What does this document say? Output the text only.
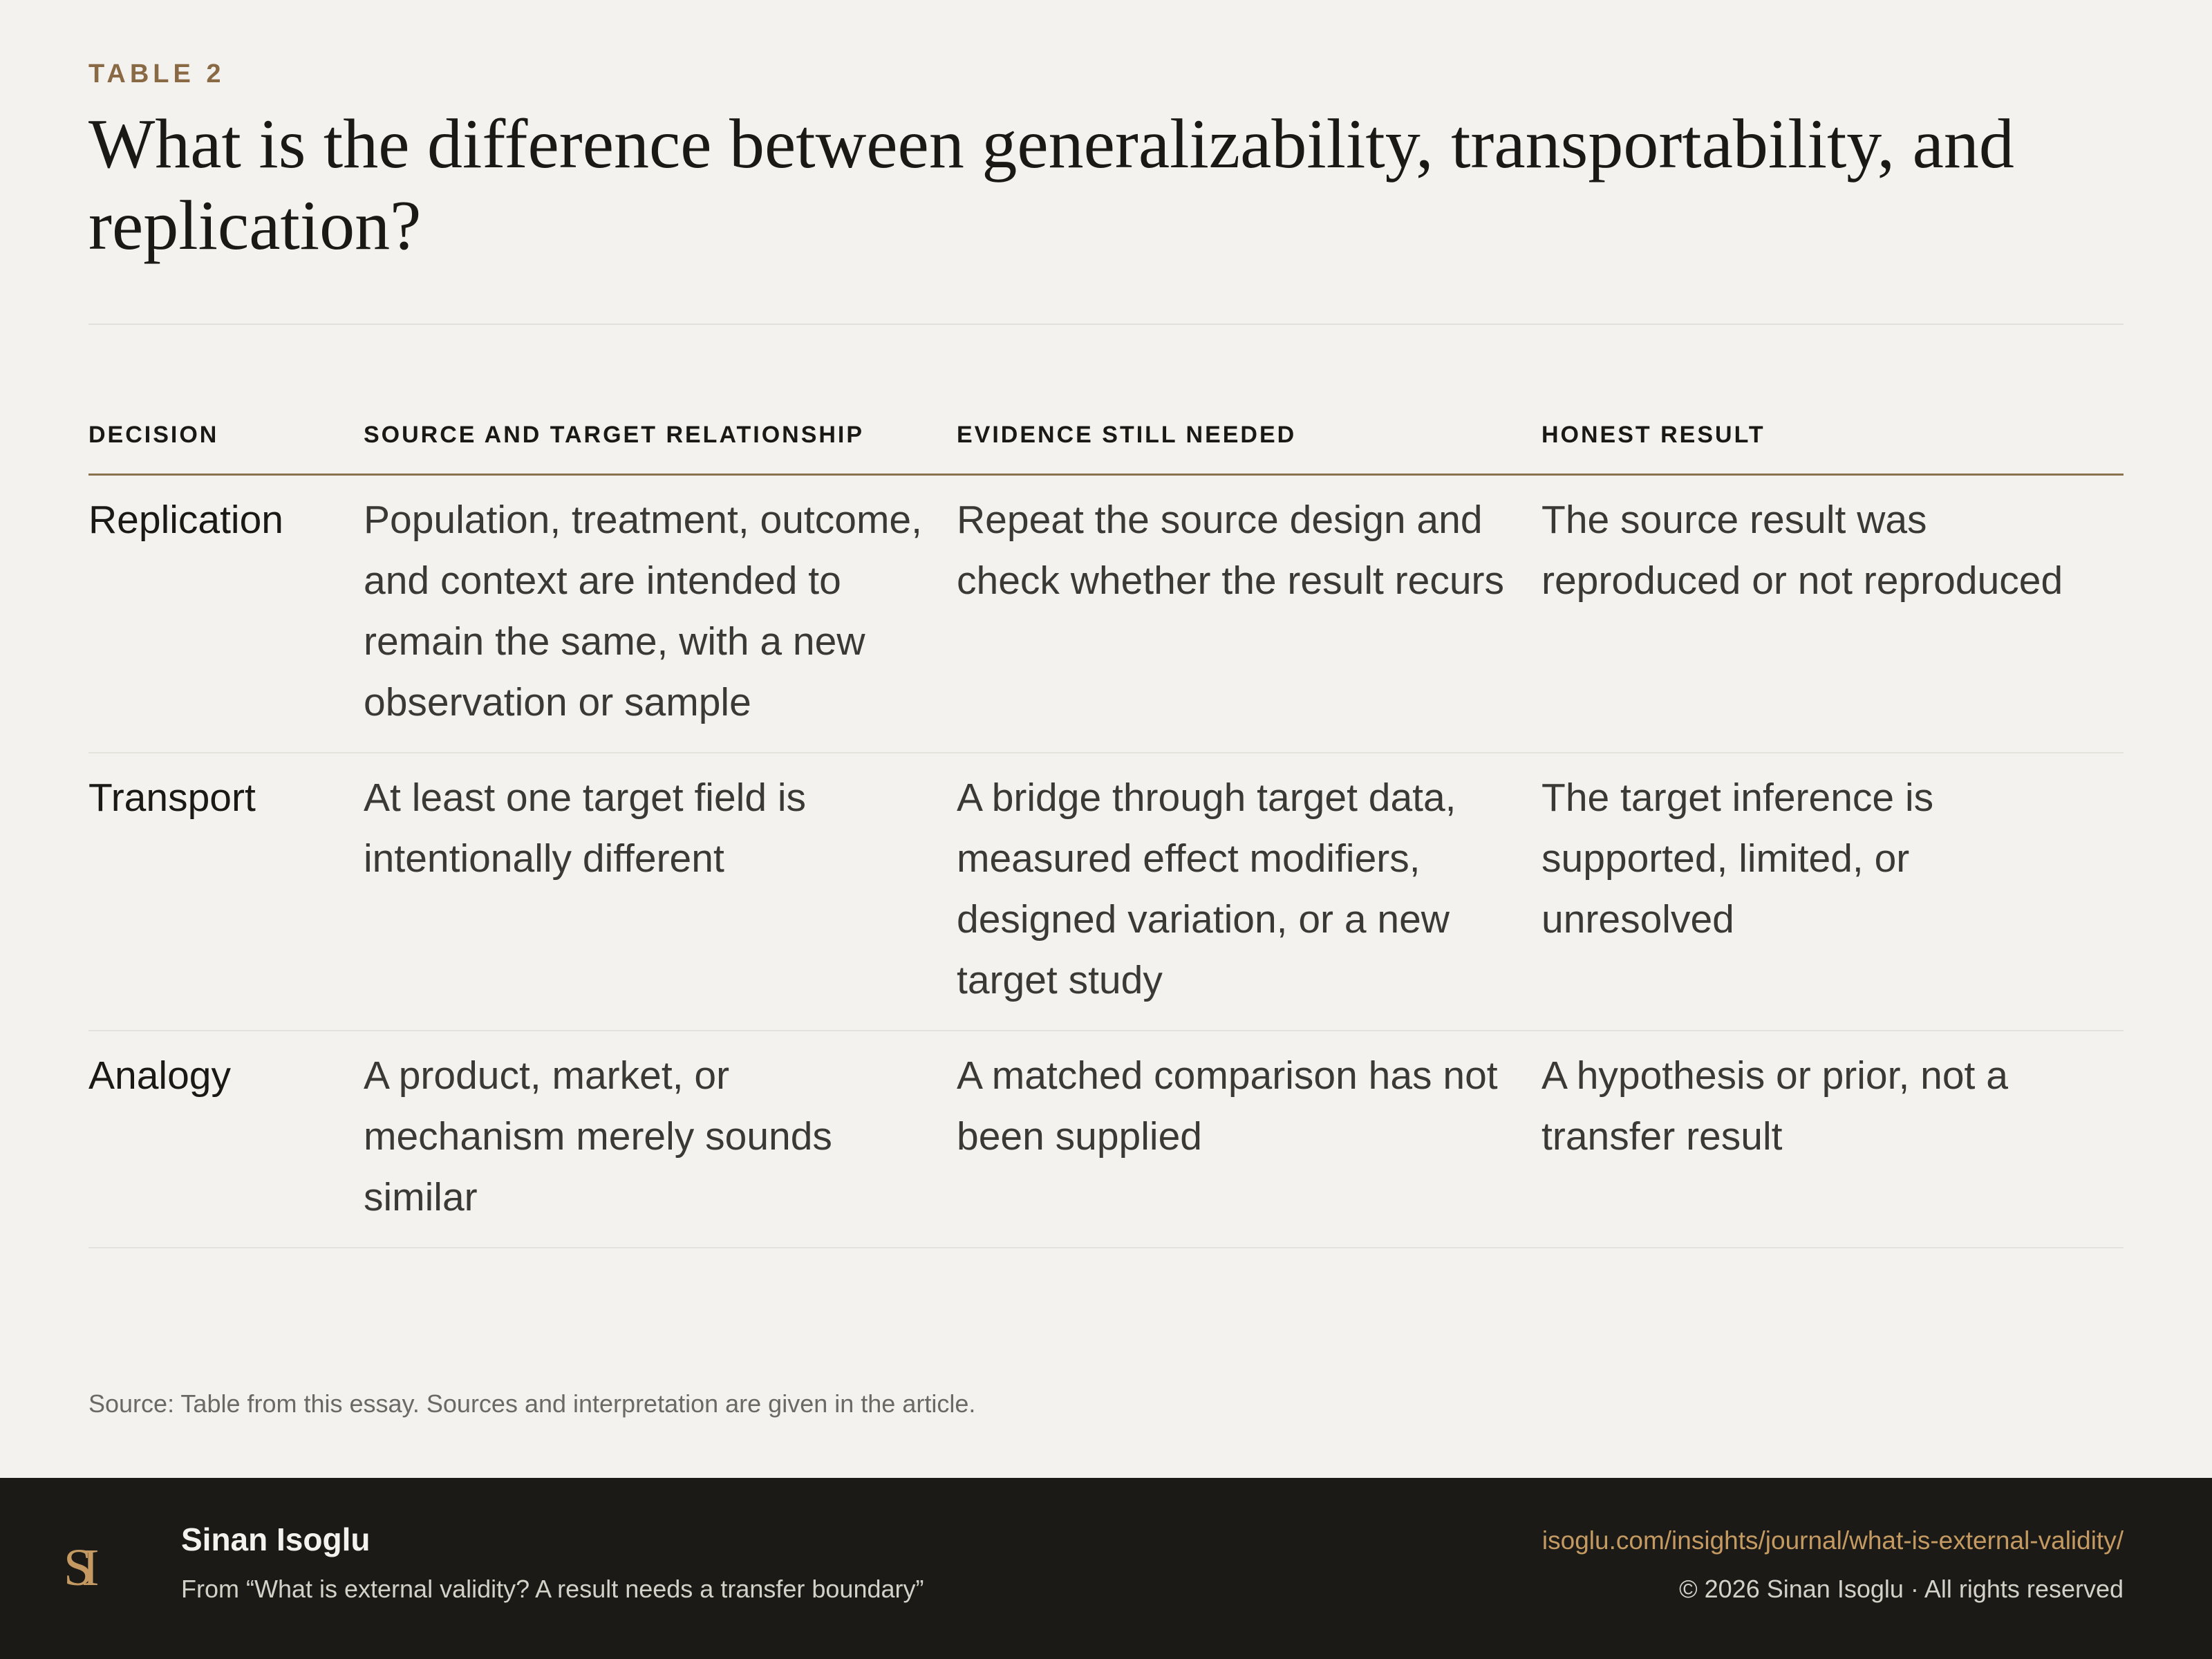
TABLE 2
What is the difference between generalizability, transportability, and replication?
DECISION	SOURCE AND TARGET RELATIONSHIP	EVIDENCE STILL NEEDED	HONEST RESULT
Replication	Population, treatment, outcome, and context are intended to remain the same, with a new observation or sample	Repeat the source design and check whether the result recurs	The source result was reproduced or not reproduced
Transport	At least one target field is intentionally different	A bridge through target data, measured effect modifiers, designed variation, or a new target study	The target inference is supported, limited, or unresolved
Analogy	A product, market, or mechanism merely sounds similar	A matched comparison has not been supplied	A hypothesis or prior, not a transfer result
Source: Table from this essay. Sources and interpretation are given in the article.
SI	Sinan Isoglu
From “What is external validity? A result needs a transfer boundary”
isoglu.com/insights/journal/what-is-external-validity/
© 2026 Sinan Isoglu · All rights reserved
